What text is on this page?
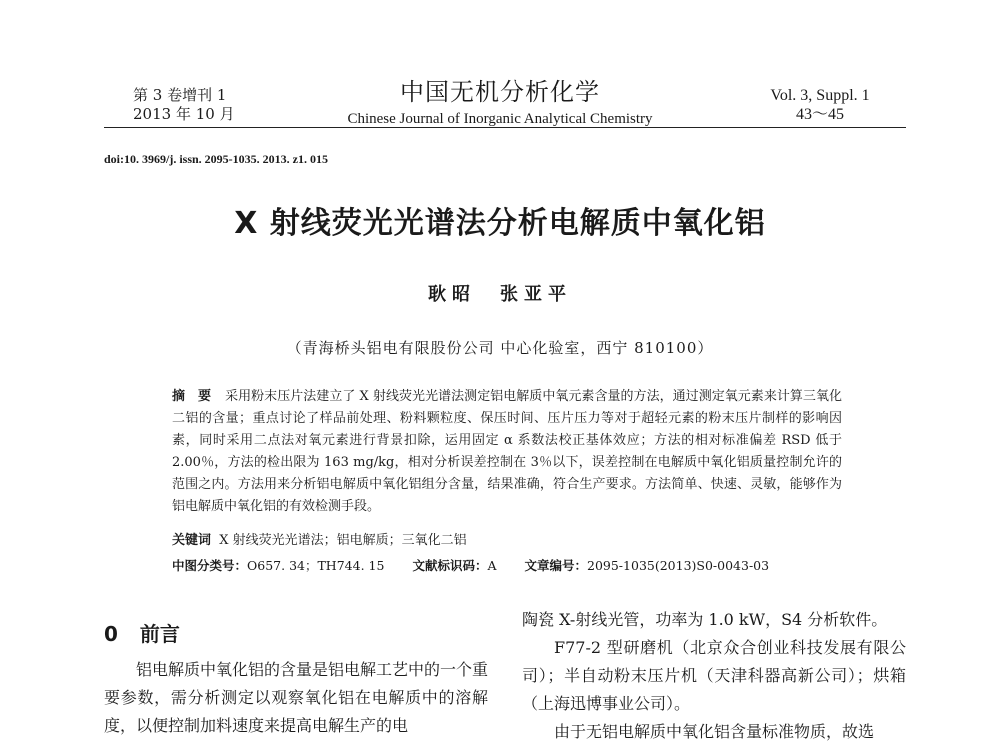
第 3 卷增刊 1
2013 年 10 月
中国无机分析化学
Chinese Journal of Inorganic Analytical Chemistry
Vol. 3, Suppl. 1
43～45
doi:10. 3969/j. issn. 2095-1035. 2013. z1. 015
X 射线荧光光谱法分析电解质中氧化铝
耿昭　张亚平
（青海桥头铝电有限股份公司 中心化验室，西宁 810100）
摘　要 采用粉末压片法建立了 X 射线荧光光谱法测定铝电解质中氧元素含量的方法，通过测定氧元素来计算三氧化二铝的含量；重点讨论了样品前处理、粉料颗粒度、保压时间、压片压力等对于超轻元素的粉末压片制样的影响因素，同时采用二点法对氧元素进行背景扣除，运用固定 α 系数法校正基体效应；方法的相对标准偏差 RSD 低于 2.00％，方法的检出限为 163 mg/kg，相对分析误差控制在 3％以下，误差控制在电解质中氧化铝质量控制允许的范围之内。方法用来分析铝电解质中氧化铝组分含量，结果准确，符合生产要求。方法简单、快速、灵敏，能够作为铝电解质中氧化铝的有效检测手段。
关键词 X 射线荧光光谱法；铝电解质；三氧化二铝
中图分类号：O657. 34；TH744. 15 文献标识码：A 文章编号：2095-1035(2013)S0-0043-03
0 前言

铝电解质中氧化铝的含量是铝电解工艺中的一个重要参数，需分析测定以观察氧化铝在电解质中的溶解度，以便控制加料速度来提高电解生产的电

陶瓷 X-射线光管，功率为 1.0 kW，S4 分析软件。

F77-2 型研磨机（北京众合创业科技发展有限公司）；半自动粉末压片机（天津科器高新公司）；烘箱（上海迅博事业公司）。

由于无铝电解质中氧化铝含量标准物质，故选
